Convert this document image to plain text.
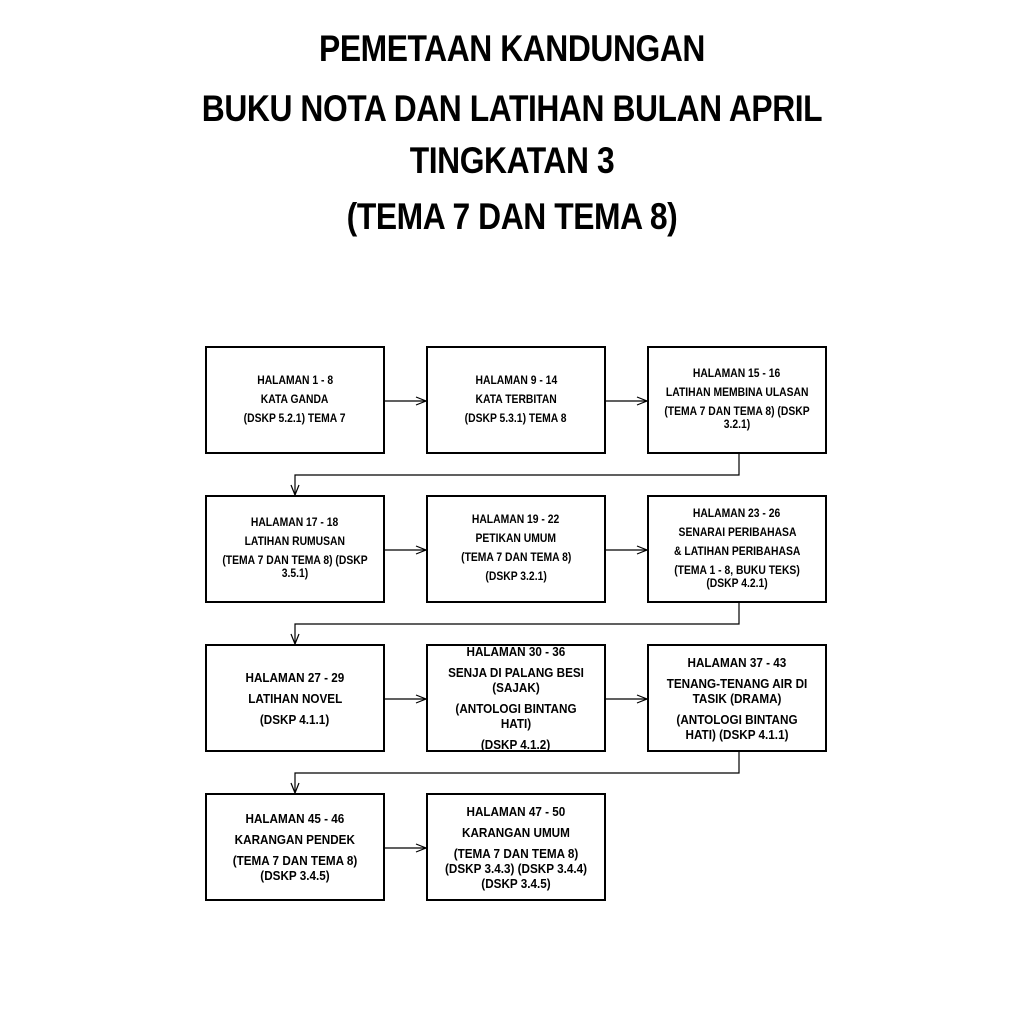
PEMETAAN KANDUNGAN
BUKU NOTA DAN LATIHAN BULAN APRIL
TINGKATAN 3
(TEMA 7 DAN TEMA 8)
HALAMAN 1 - 8
KATA GANDA
(DSKP 5.2.1) TEMA 7
HALAMAN 9 - 14
KATA TERBITAN
(DSKP 5.3.1) TEMA 8
HALAMAN 15 - 16
LATIHAN MEMBINA ULASAN
(TEMA 7 DAN TEMA 8) (DSKP 3.2.1)
HALAMAN 17 - 18
LATIHAN RUMUSAN
(TEMA 7 DAN TEMA 8) (DSKP 3.5.1)
HALAMAN 19 - 22
PETIKAN UMUM
(TEMA 7 DAN TEMA 8)
(DSKP 3.2.1)
HALAMAN 23 - 26
SENARAI PERIBAHASA
& LATIHAN PERIBAHASA
(TEMA 1 - 8, BUKU TEKS) (DSKP 4.2.1)
HALAMAN 27 - 29
LATIHAN NOVEL
(DSKP 4.1.1)
HALAMAN 30 - 36
SENJA DI PALANG BESI (SAJAK)
(ANTOLOGI BINTANG HATI)
(DSKP 4.1.2)
HALAMAN 37 - 43
TENANG-TENANG AIR DI TASIK (DRAMA)
(ANTOLOGI BINTANG HATI) (DSKP 4.1.1)
HALAMAN 45 - 46
KARANGAN PENDEK
(TEMA 7 DAN TEMA 8) (DSKP 3.4.5)
HALAMAN 47 - 50
KARANGAN UMUM
(TEMA 7 DAN TEMA 8) (DSKP 3.4.3) (DSKP 3.4.4) (DSKP 3.4.5)
